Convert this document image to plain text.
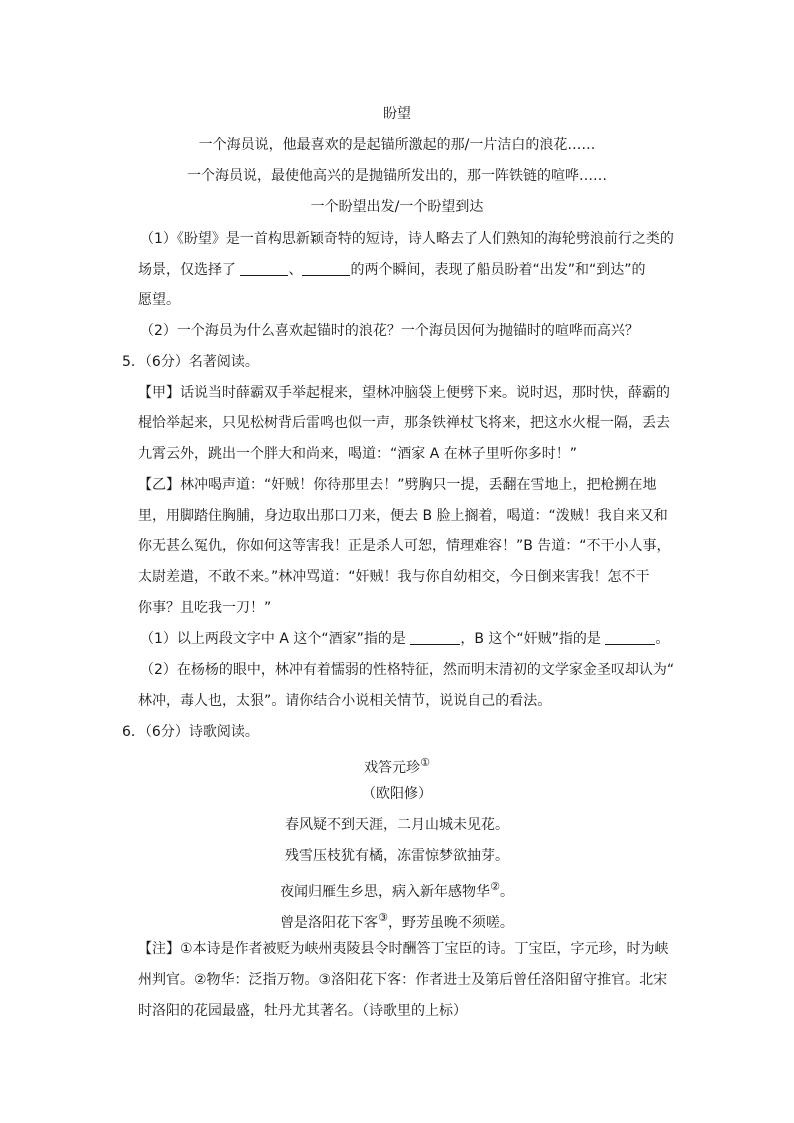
盼望
一个海员说，他最喜欢的是起锚所激起的那/一片洁白的浪花……
一个海员说，最使他高兴的是抛锚所发出的，那一阵铁链的喧哗……
一个盼望出发/一个盼望到达
（1）《盼望》是一首构思新颖奇特的短诗，诗人略去了人们熟知的海轮劈浪前行之类的
场景，仅选择了	、	的两个瞬间，表现了船员盼着“出发”和“到达”的
愿望。
（2）一个海员为什么喜欢起锚时的浪花？一个海员因何为抛锚时的喧哗而高兴？
5．（6分）名著阅读。
【甲】话说当时薛霸双手举起棍来，望林冲脑袋上便劈下来。说时迟，那时快，薛霸的
棍恰举起来，只见松树背后雷鸣也似一声，那条铁禅杖飞将来，把这水火棍一隔，丢去
九霄云外，跳出一个胖大和尚来，喝道：“酒家 A 在林子里听你多时！”
【乙】林冲喝声道：“奸贼！你待那里去！”劈胸只一提，丢翻在雪地上，把枪搠在地
里，用脚踏住胸脯，身边取出那口刀来，便去 B 脸上搁着，喝道：“泼贼！我自来又和
你无甚么冤仇，你如何这等害我！正是杀人可恕，情理难容！”B 告道：“不干小人事，
太尉差遣，不敢不来。”林冲骂道：“奸贼！我与你自幼相交，今日倒来害我！怎不干
你事？且吃我一刀！”
（1）以上两段文字中 A 这个“酒家”指的是	，B 这个“奸贼”指的是	。
（2）在杨杨的眼中，林冲有着懦弱的性格特征，然而明末清初的文学家金圣叹却认为“
林冲，毒人也，太狠”。请你结合小说相关情节，说说自己的看法。
6．（6分）诗歌阅读。
戏答元珍①
（欧阳修）
春风疑不到天涯，二月山城未见花。
残雪压枝犹有橘，冻雷惊梦欲抽芽。
夜闻归雁生乡思，病入新年感物华②。
曾是洛阳花下客③，野芳虽晚不须嗟。
【注】①本诗是作者被贬为峡州夷陵县令时酬答丁宝臣的诗。丁宝臣，字元珍，时为峡
州判官。②物华：泛指万物。③洛阳花下客：作者进士及第后曾任洛阳留守推官。北宋
时洛阳的花园最盛，牡丹尤其著名。（诗歌里的上标）
